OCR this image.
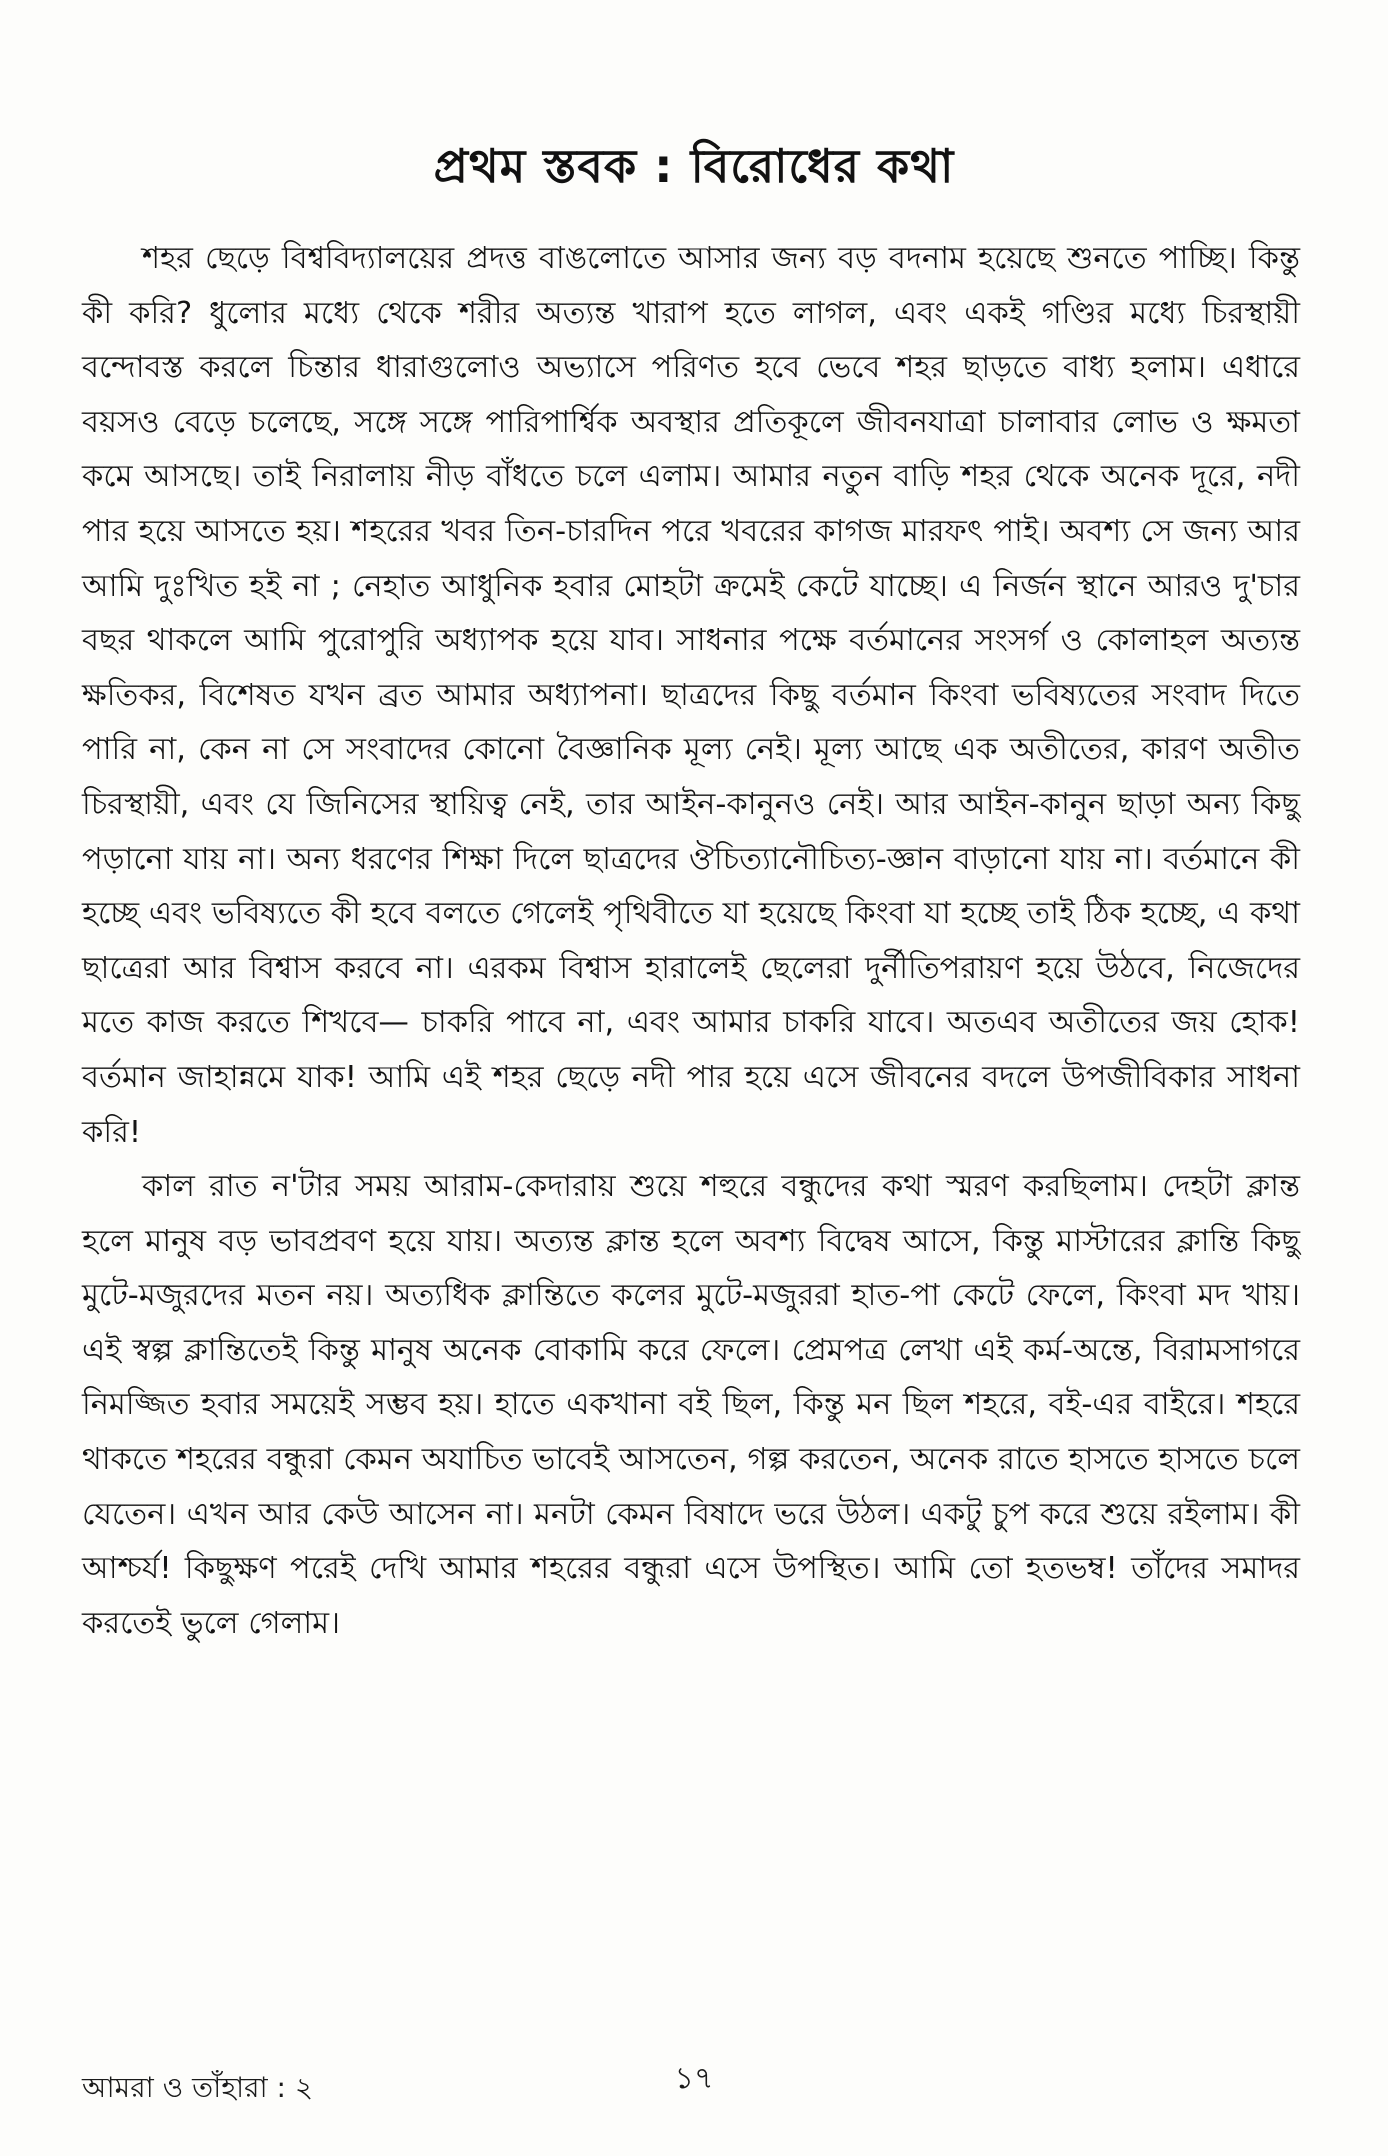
প্রথম স্তবক : বিরোধের কথা

শহর ছেড়ে বিশ্ববিদ্যালয়ের প্রদত্ত বাঙলোতে আসার জন্য বড় বদনাম হয়েছে শুনতে পাচ্ছি। কিন্তু কী করি? ধুলোর মধ্যে থেকে শরীর অত্যন্ত খারাপ হতে লাগল, এবং একই গণ্ডির মধ্যে চিরস্থায়ী বন্দোবস্ত করলে চিন্তার ধারাগুলোও অভ্যাসে পরিণত হবে ভেবে শহর ছাড়তে বাধ্য হলাম। এধারে বয়সও বেড়ে চলেছে, সঙ্গে সঙ্গে পারিপার্শ্বিক অবস্থার প্রতিকূলে জীবনযাত্রা চালাবার লোভ ও ক্ষমতা কমে আসছে। তাই নিরালায় নীড় বাঁধতে চলে এলাম। আমার নতুন বাড়ি শহর থেকে অনেক দূরে, নদী পার হয়ে আসতে হয়। শহরের খবর তিন-চারদিন পরে খবরের কাগজ মারফৎ পাই। অবশ্য সে জন্য আর আমি দুঃখিত হই না ; নেহাত আধুনিক হবার মোহটা ক্রমেই কেটে যাচ্ছে। এ নির্জন স্থানে আরও দু'চার বছর থাকলে আমি পুরোপুরি অধ্যাপক হয়ে যাব। সাধনার পক্ষে বর্তমানের সংসর্গ ও কোলাহল অত্যন্ত ক্ষতিকর, বিশেষত যখন ব্রত আমার অধ্যাপনা। ছাত্রদের কিছু বর্তমান কিংবা ভবিষ্যতের সংবাদ দিতে পারি না, কেন না সে সংবাদের কোনো বৈজ্ঞানিক মূল্য নেই। মূল্য আছে এক অতীতের, কারণ অতীত চিরস্থায়ী, এবং যে জিনিসের স্থায়িত্ব নেই, তার আইন-কানুনও নেই। আর আইন-কানুন ছাড়া অন্য কিছু পড়ানো যায় না। অন্য ধরণের শিক্ষা দিলে ছাত্রদের ঔচিত্যানৌচিত্য-জ্ঞান বাড়ানো যায় না। বর্তমানে কী হচ্ছে এবং ভবিষ্যতে কী হবে বলতে গেলেই পৃথিবীতে যা হয়েছে কিংবা যা হচ্ছে তাই ঠিক হচ্ছে, এ কথা ছাত্রেরা আর বিশ্বাস করবে না। এরকম বিশ্বাস হারালেই ছেলেরা দুর্নীতিপরায়ণ হয়ে উঠবে, নিজেদের মতে কাজ করতে শিখবে— চাকরি পাবে না, এবং আমার চাকরি যাবে। অতএব অতীতের জয় হোক! বর্তমান জাহান্নমে যাক! আমি এই শহর ছেড়ে নদী পার হয়ে এসে জীবনের বদলে উপজীবিকার সাধনা করি!

কাল রাত ন'টার সময় আরাম-কেদারায় শুয়ে শহুরে বন্ধুদের কথা স্মরণ করছিলাম। দেহটা ক্লান্ত হলে মানুষ বড় ভাবপ্রবণ হয়ে যায়। অত্যন্ত ক্লান্ত হলে অবশ্য বিদ্বেষ আসে, কিন্তু মাস্টারের ক্লান্তি কিছু মুটে-মজুরদের মতন নয়। অত্যধিক ক্লান্তিতে কলের মুটে-মজুররা হাত-পা কেটে ফেলে, কিংবা মদ খায়। এই স্বল্প ক্লান্তিতেই কিন্তু মানুষ অনেক বোকামি করে ফেলে। প্রেমপত্র লেখা এই কর্ম-অন্তে, বিরামসাগরে নিমজ্জিত হবার সময়েই সম্ভব হয়। হাতে একখানা বই ছিল, কিন্তু মন ছিল শহরে, বই-এর বাইরে। শহরে থাকতে শহরের বন্ধুরা কেমন অযাচিত ভাবেই আসতেন, গল্প করতেন, অনেক রাতে হাসতে হাসতে চলে যেতেন। এখন আর কেউ আসেন না। মনটা কেমন বিষাদে ভরে উঠল। একটু চুপ করে শুয়ে রইলাম। কী আশ্চর্য! কিছুক্ষণ পরেই দেখি আমার শহরের বন্ধুরা এসে উপস্থিত। আমি তো হতভম্ব! তাঁদের সমাদর করতেই ভুলে গেলাম।

আমরা ও তাঁহারা : ২	১৭
